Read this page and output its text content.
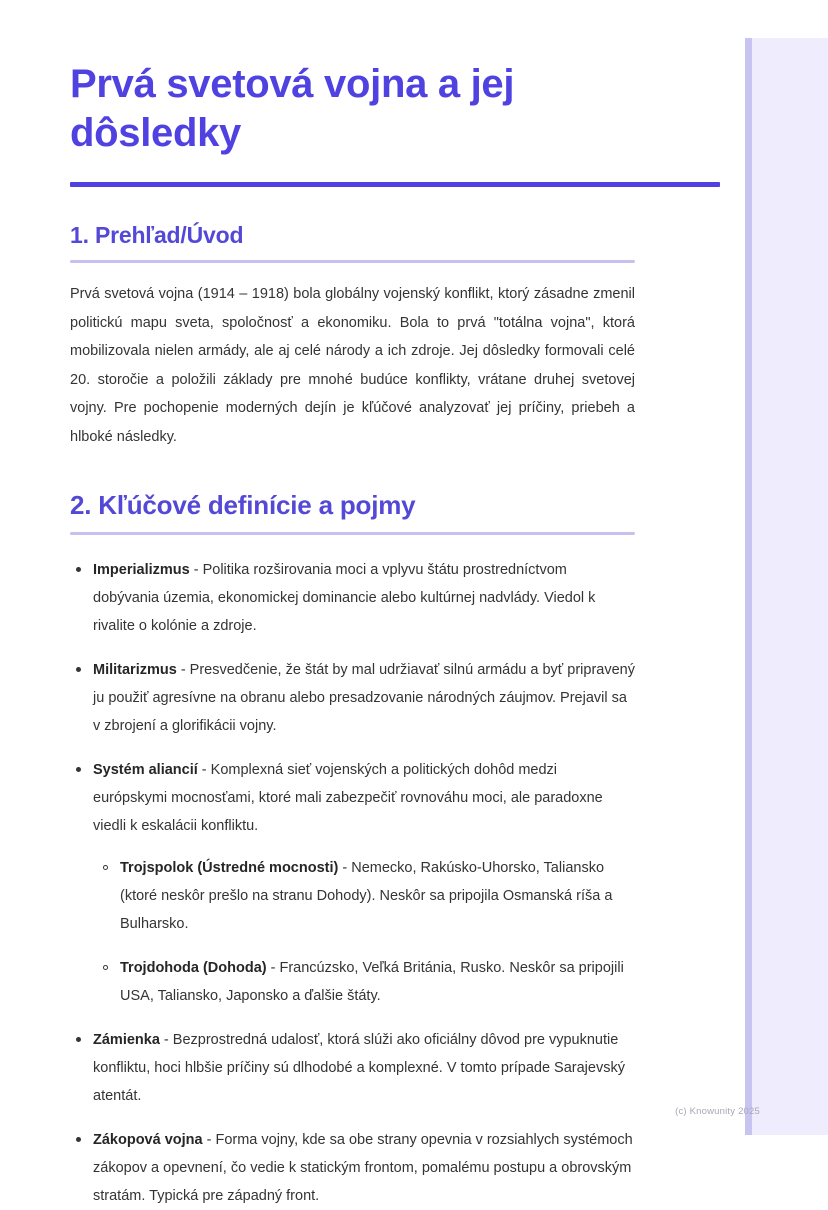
Prvá svetová vojna a jej dôsledky
1. Prehľad/Úvod

Prvá svetová vojna (1914 – 1918) bola globálny vojenský konflikt, ktorý zásadne zmenil politickú mapu sveta, spoločnosť a ekonomiku. Bola to prvá "totálna vojna", ktorá mobilizovala nielen armády, ale aj celé národy a ich zdroje. Jej dôsledky formovali celé 20. storočie a položili základy pre mnohé budúce konflikty, vrátane druhej svetovej vojny. Pre pochopenie moderných dejín je kľúčové analyzovať jej príčiny, priebeh a hlboké následky.

2. Kľúčové definície a pojmy
Imperializmus - Politika rozširovania moci a vplyvu štátu prostredníctvom dobývania územia, ekonomickej dominancie alebo kultúrnej nadvlády. Viedol k rivalite o kolónie a zdroje.
Militarizmus - Presvedčenie, že štát by mal udržiavať silnú armádu a byť pripravený ju použiť agresívne na obranu alebo presadzovanie národných záujmov. Prejavil sa v zbrojení a glorifikácii vojny.
Systém aliancií - Komplexná sieť vojenských a politických dohôd medzi európskymi mocnosťami, ktoré mali zabezpečiť rovnováhu moci, ale paradoxne viedli k eskalácii konfliktu.
Trojspolok (Ústredné mocnosti) - Nemecko, Rakúsko-Uhorsko, Taliansko (ktoré neskôr prešlo na stranu Dohody). Neskôr sa pripojila Osmanská ríša a Bulharsko.
Trojdohoda (Dohoda) - Francúzsko, Veľká Británia, Rusko. Neskôr sa pripojili USA, Taliansko, Japonsko a ďalšie štáty.
Zámienka - Bezprostredná udalosť, ktorá slúži ako oficiálny dôvod pre vypuknutie konfliktu, hoci hlbšie príčiny sú dlhodobé a komplexné. V tomto prípade Sarajevský atentát.
Zákopová vojna - Forma vojny, kde sa obe strany opevnia v rozsiahlych systémoch zákopov a opevnení, čo vedie k statickým frontom, pomalému postupu a obrovským stratám. Typická pre západný front.
(c) Knowunity 2025
